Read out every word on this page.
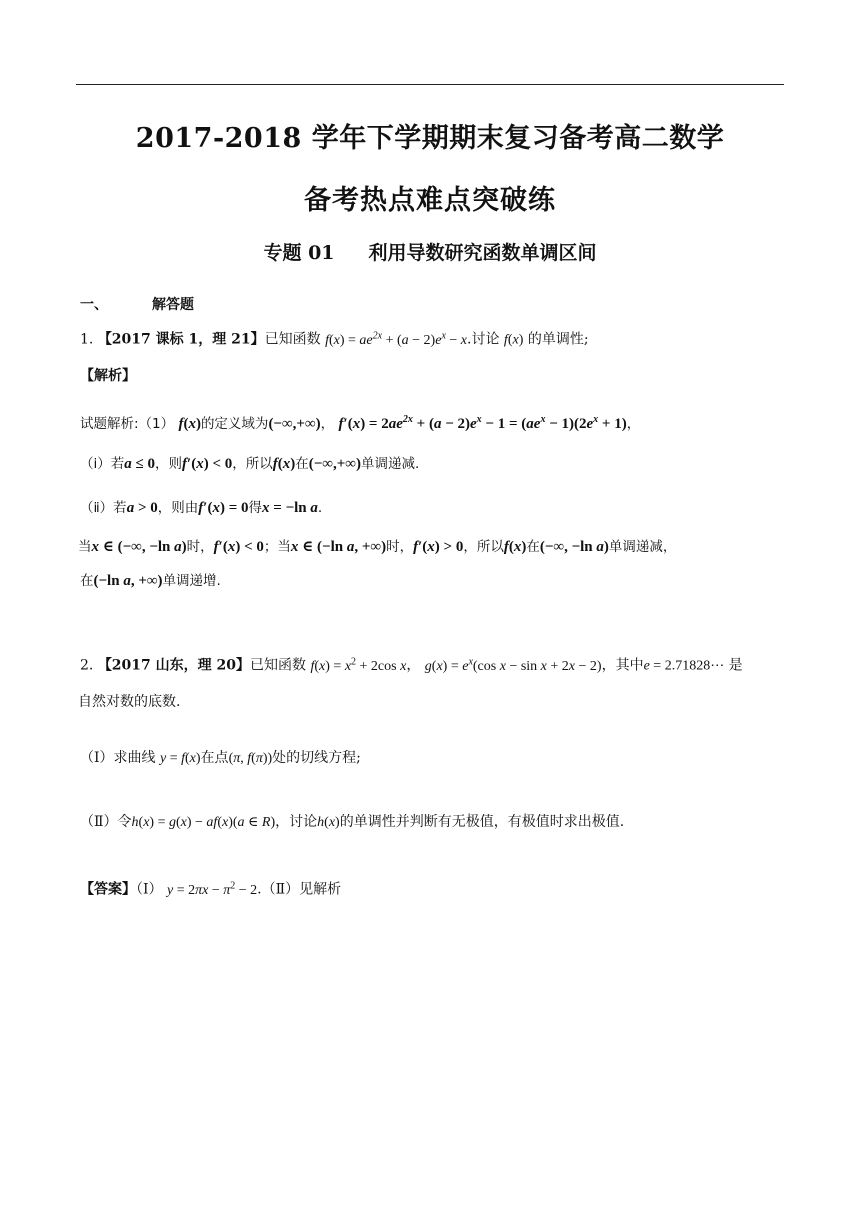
2017-2018 学年下学期期末复习备考高二数学
备考热点难点突破练
专题 01 利用导数研究函数单调区间
一、	解答题
1. 【2017 课标 1，理 21】已知函数 $f(x) = ae^{2x} + (a - 2)e^x - x$.讨论 f(x) 的单调性;
【解析】
试题解析:（1） f(x)的定义域为(−∞,+∞)， $f'(x) = 2ae^{2x} + (a - 2)e^x - 1 = (ae^x - 1)(2e^x + 1)$，
（ⅰ）若a ≤ 0，则f′(x) < 0，所以f(x)在(−∞,+∞)单调递减.
（ⅱ）若a > 0，则由f′(x) = 0得x = −ln a.
当x ∈ (−∞, −ln a)时，f′(x) < 0；当x ∈ (−ln a, +∞)时，f′(x) > 0，所以f(x)在(−∞, −ln a)单调递减，
在(−ln a, +∞)单调递增.
2. 【2017 山东，理 20】已知函数 $f(x) = x^2 + 2\cos$ x， $g(x) = e^x(\cos$ x − sin x + 2x − 2)，其中e = 2.71828⋯ 是
自然对数的底数.
（Ⅰ）求曲线 y = f(x)在点(π, f(π))处的切线方程;
（Ⅱ）令h(x) = g(x) − af(x)(a ∈ R)，讨论h(x)的单调性并判断有无极值，有极值时求出极值.
【答案】（Ⅰ） $y = 2\pi x - \pi^2$ − 2.（Ⅱ）见解析
